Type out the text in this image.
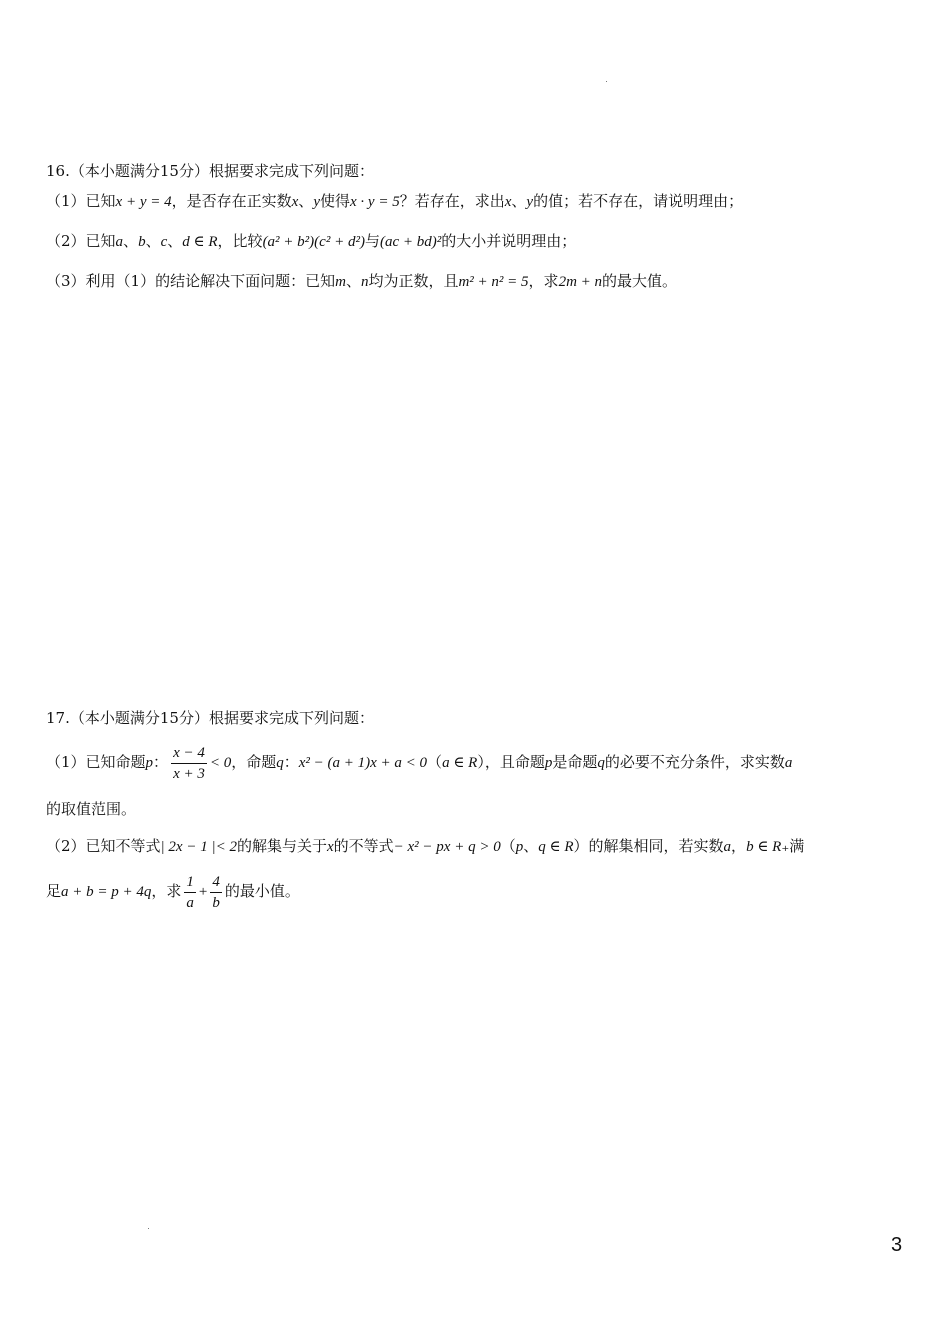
16.（本小题满分15分）根据要求完成下列问题：
（1）已知x + y = 4，是否存在正实数x、y使得x · y = 5？若存在，求出x、y的值；若不存在，请说明理由；
（2）已知a、b、c、d ∈ R，比较(a² + b²)(c² + d²)与(ac + bd)²的大小并说明理由；
（3）利用（1）的结论解决下面问题：已知m、n均为正数，且m² + n² = 5，求2m + n的最大值。
17.（本小题满分15分）根据要求完成下列问题：
（1）已知命题p： $\frac{x - 4}{x + 3} < 0$，命题q：x² − (a + 1)x + a < 0（a ∈ R），且命题p是命题q的必要不充分条件，求实数a
的取值范围。
（2）已知不等式| 2x − 1 |< 2的解集与关于x的不等式− x² − px + q > 0（p、q ∈ R）的解集相同，若实数a，b ∈ R₊满
足a + b = p + 4q，求 $\frac{1}{a} + \frac{4}{b}$ 的最小值。
3
